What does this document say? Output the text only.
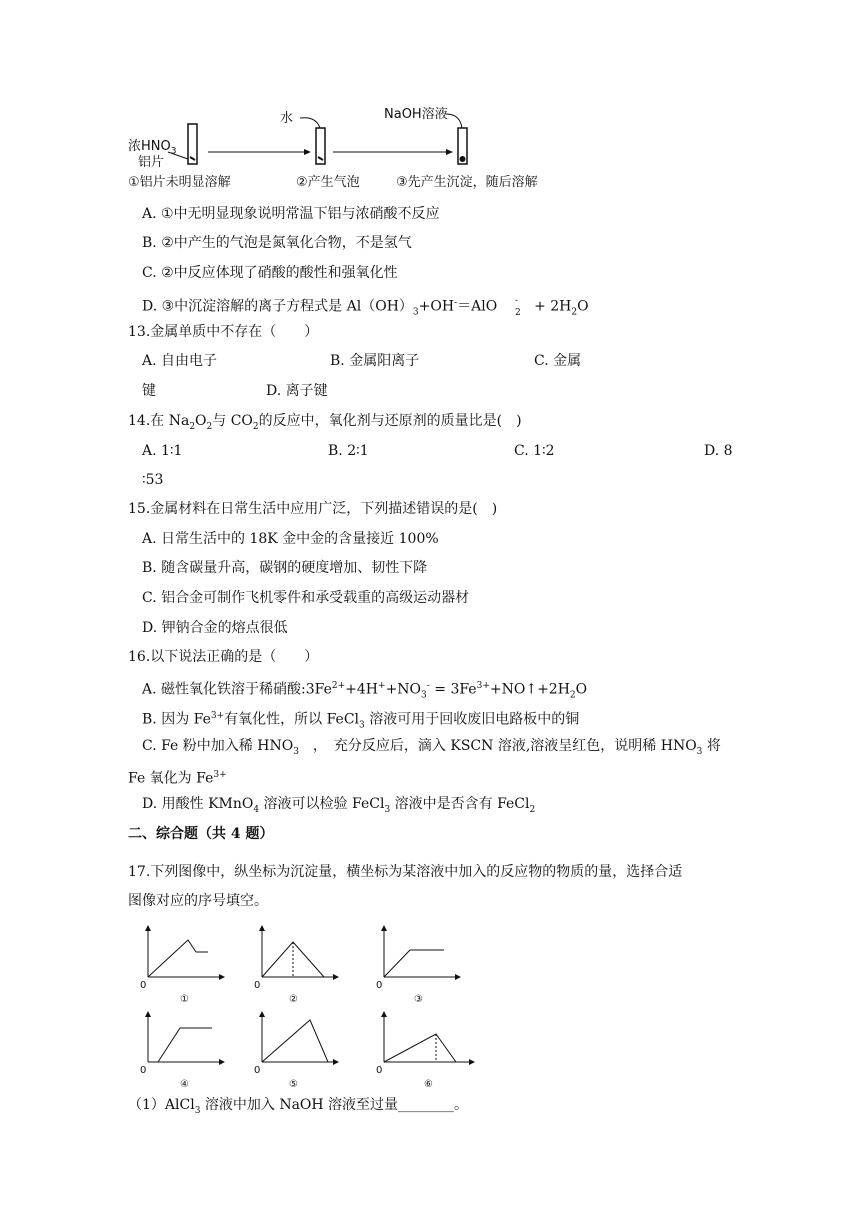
浓$HNO_3$
铝片
水	NaOH溶液
①铝片未明显溶解	②产生气泡	③先产生沉淀，随后溶解
A. ①中无明显现象说明常温下铝与浓硝酸不反应
B. ②中产生的气泡是氮氧化合物，不是氢气
C. ②中反应体现了硝酸的酸性和强氧化性
D. ③中沉淀溶解的离子方程式是 $Al(OH)_3+OH^-=AlO$ -
$_2 + 2H_2O$
13.金属单质中不存在（　　）
A. 自由电子	B. 金属阳离子	C. 金属
键	D. 离子键
14.在 $Na_2O_2$与 $CO_2$的反应中，氧化剂与还原剂的质量比是(　)
A. 1∶1	B. 2∶1	C. 1∶2	D. 8
∶53
15.金属材料在日常生活中应用广泛，下列描述错误的是(　)
A. 日常生活中的 18K 金中金的含量接近 100%
B. 随含碳量升高，碳钢的硬度增加、韧性下降
C. 铝合金可制作飞机零件和承受载重的高级运动器材
D. 钾钠合金的熔点很低
16.以下说法正确的是（　　）
A. 磁性氧化铁溶于稀硝酸$:3Fe^{2+}+4H^++NO_3^-$ = $3Fe^{3+}+NO↑+2H_2O$
B. 因为 $Fe^{3+}$有氧化性，所以 FeCl$_3$ 溶液可用于回收废旧电路板中的铜
C. Fe 粉中加入稀 $HNO_3$　，　充分反应后，滴入 KSCN 溶液,溶液呈红色，说明稀 $HNO_3$ 将
Fe 氧化为 $Fe^{3+}$
D. 用酸性 KMnO$_4$ 溶液可以检验 FeCl$_3$ 溶液中是否含有 FeCl$_2$
二、综合题（共 4 题）
17.下列图像中，纵坐标为沉淀量，横坐标为某溶液中加入的反应物的物质的量，选择合适
图像对应的序号填空。
0
①
0
②
0
③
0
④
0
⑤
0
⑥
（1）AlCl$_3$ 溶液中加入 NaOH 溶液至过量________。
